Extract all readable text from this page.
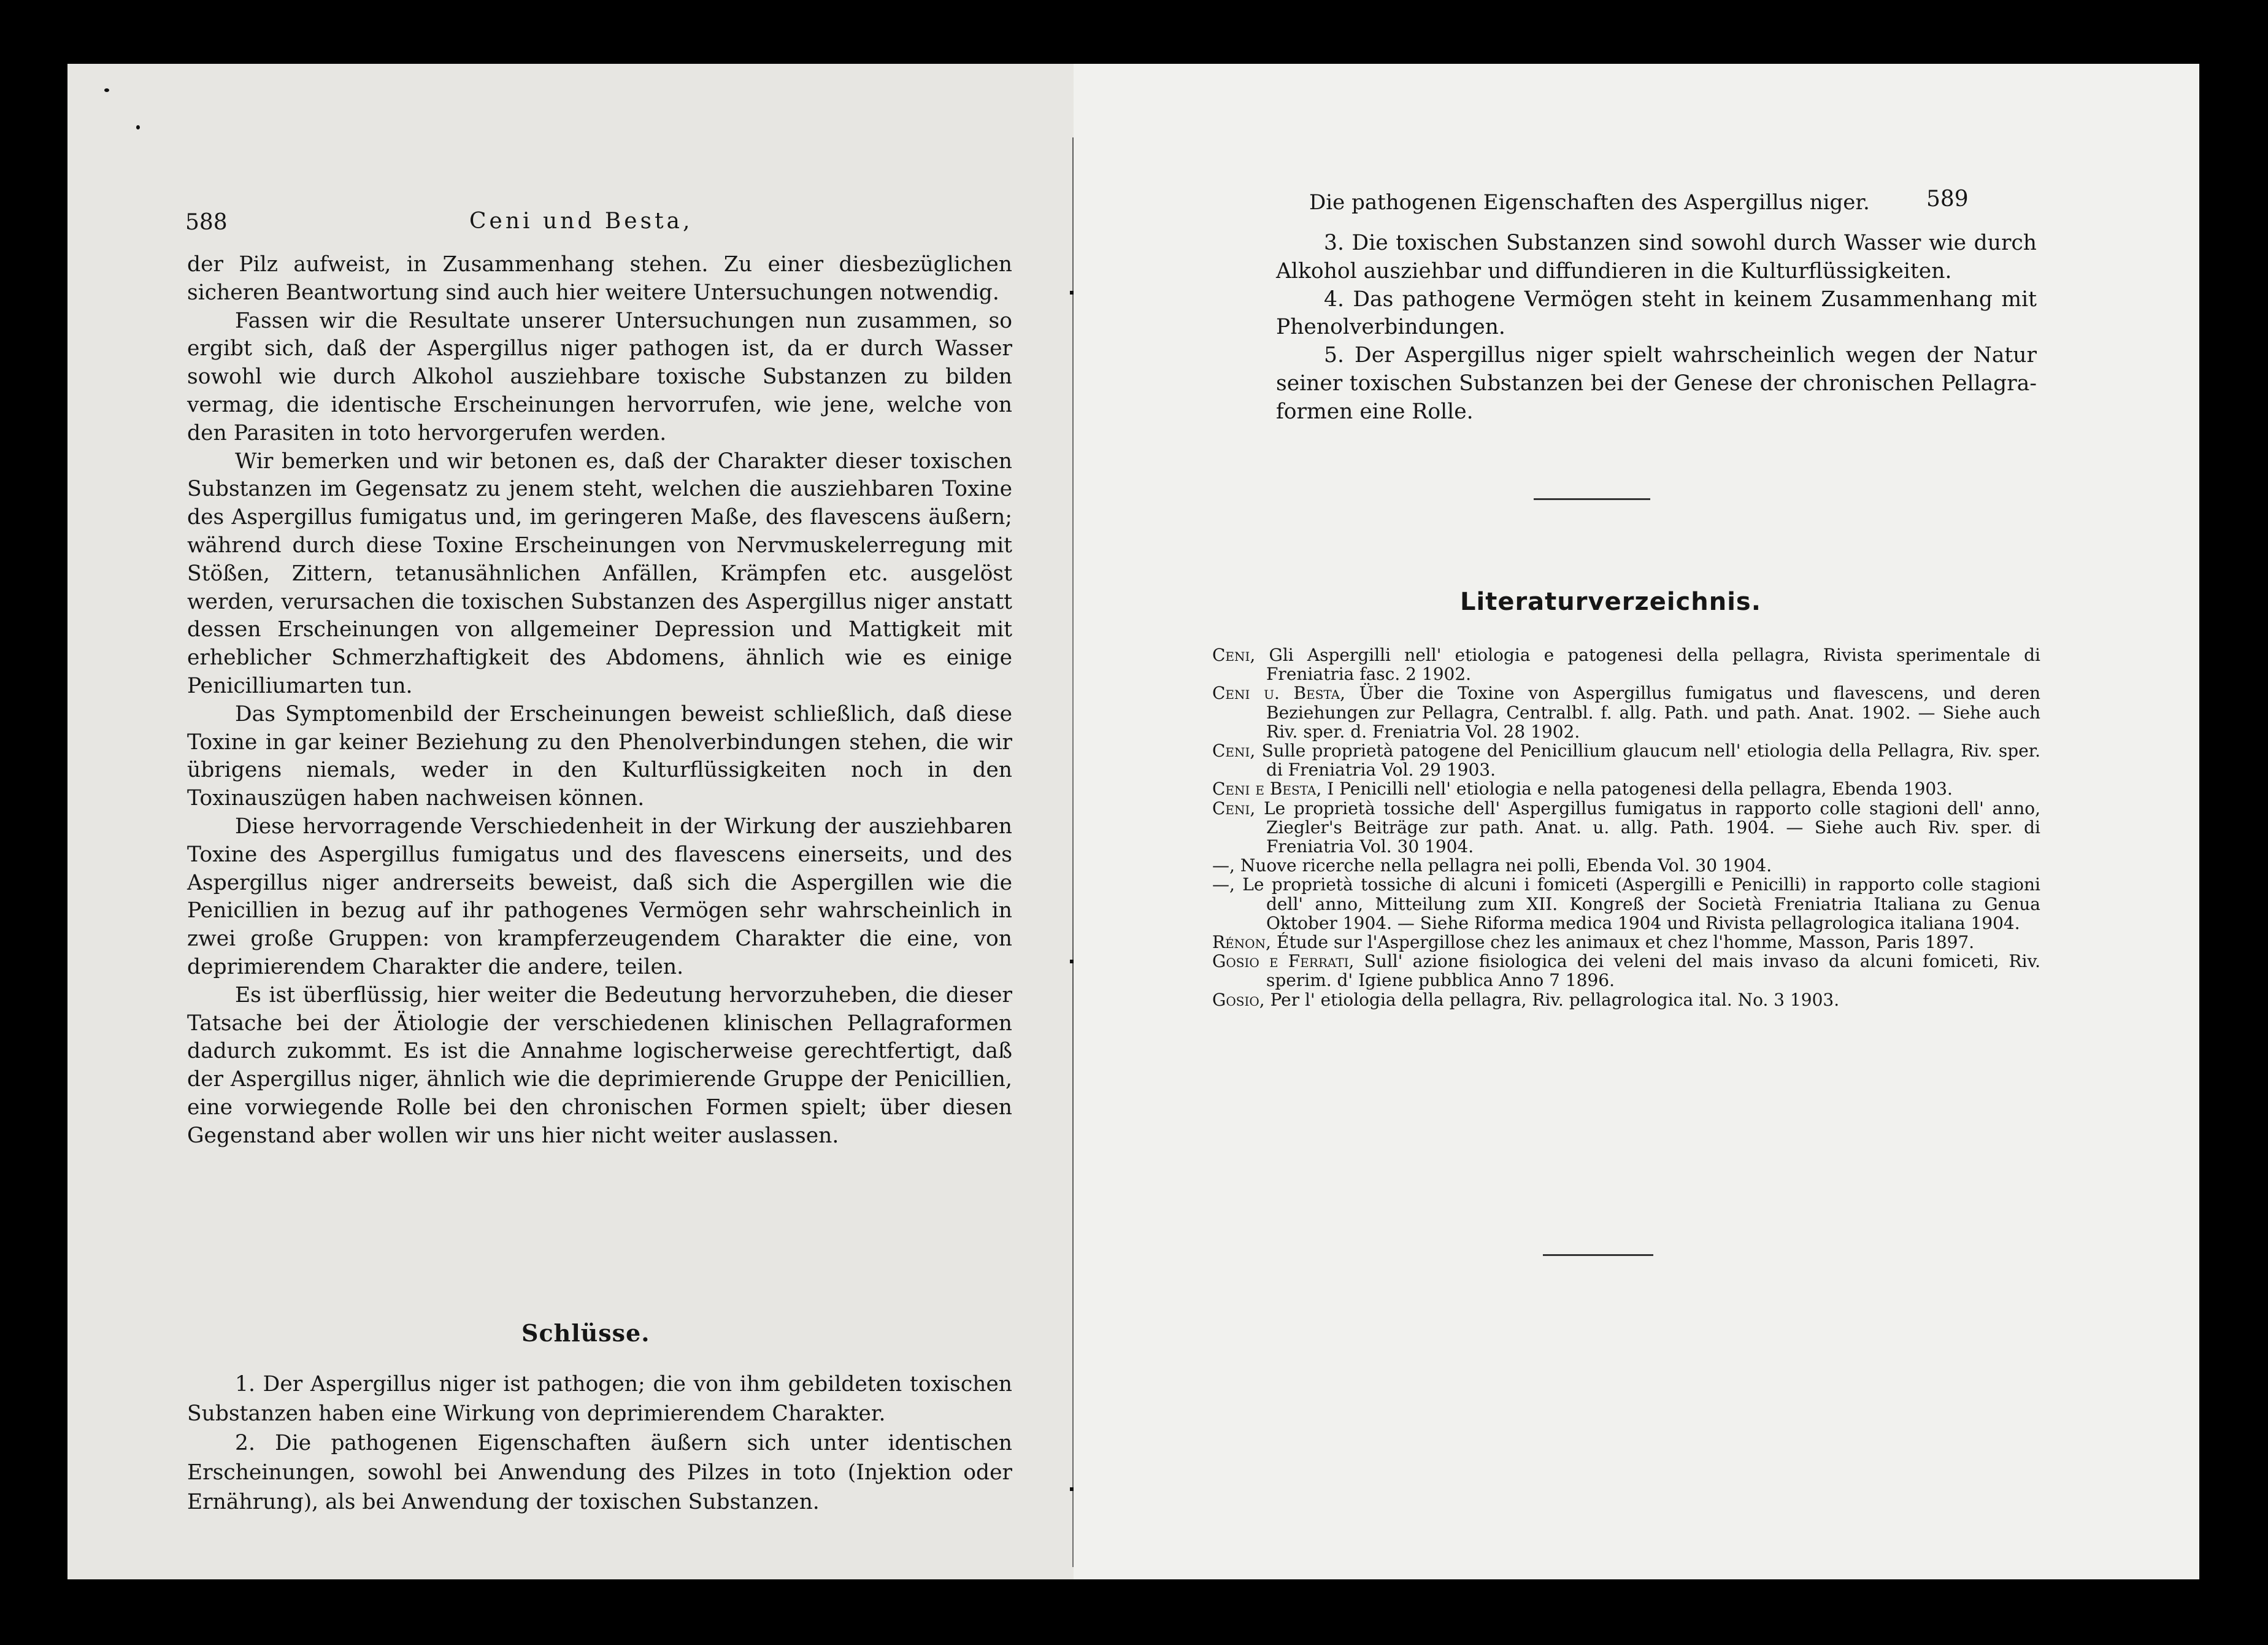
588	Ceni und Besta,

der Pilz aufweist, in Zusammenhang stehen. Zu einer diesbezüglichen sicheren Beantwortung sind auch hier weitere Untersuchungen notwendig.

Fassen wir die Resultate unserer Untersuchungen nun zusammen, so ergibt sich, daß der Aspergillus niger pathogen ist, da er durch Wasser sowohl wie durch Alkohol ausziehbare toxische Substanzen zu bilden vermag, die identische Erscheinungen hervorrufen, wie jene, welche von den Parasiten in toto hervorgerufen werden.

Wir bemerken und wir betonen es, daß der Charakter dieser toxischen Substanzen im Gegensatz zu jenem steht, welchen die ausziehbaren Toxine des Aspergillus fumigatus und, im geringeren Maße, des flavescens äußern; während durch diese Toxine Erscheinungen von Nervmuskelerregung mit Stößen, Zittern, tetanusähnlichen Anfällen, Krämpfen etc. ausgelöst werden, verursachen die toxischen Substanzen des Aspergillus niger anstatt dessen Erscheinungen von allgemeiner Depression und Mattigkeit mit erheblicher Schmerzhaftigkeit des Abdomens, ähnlich wie es einige Penicilliumarten tun.

Das Symptomenbild der Erscheinungen beweist schließlich, daß diese Toxine in gar keiner Beziehung zu den Phenolverbindungen stehen, die wir übrigens niemals, weder in den Kulturflüssigkeiten noch in den Toxinauszügen haben nachweisen können.

Diese hervorragende Verschiedenheit in der Wirkung der ausziehbaren Toxine des Aspergillus fumigatus und des flavescens einerseits, und des Aspergillus niger andrerseits beweist, daß sich die Aspergillen wie die Penicillien in bezug auf ihr pathogenes Vermögen sehr wahrscheinlich in zwei große Gruppen: von krampferzeugendem Charakter die eine, von deprimierendem Charakter die andere, teilen.

Es ist überflüssig, hier weiter die Bedeutung hervorzuheben, die dieser Tatsache bei der Ätiologie der verschiedenen klinischen Pellagraformen dadurch zukommt. Es ist die Annahme logischerweise gerechtfertigt, daß der Aspergillus niger, ähnlich wie die deprimierende Gruppe der Penicillien, eine vorwiegende Rolle bei den chronischen Formen spielt; über diesen Gegenstand aber wollen wir uns hier nicht weiter auslassen.

Schlüsse.

1. Der Aspergillus niger ist pathogen; die von ihm gebildeten toxischen Substanzen haben eine Wirkung von deprimierendem Charakter.

2. Die pathogenen Eigenschaften äußern sich unter identischen Erscheinungen, sowohl bei Anwendung des Pilzes in toto (Injektion oder Ernährung), als bei Anwendung der toxischen Substanzen.

Die pathogenen Eigenschaften des Aspergillus niger.	589

3. Die toxischen Substanzen sind sowohl durch Wasser wie durch Alkohol ausziehbar und diffundieren in die Kulturflüssigkeiten.

4. Das pathogene Vermögen steht in keinem Zusammenhang mit Phenolverbindungen.

5. Der Aspergillus niger spielt wahrscheinlich wegen der Natur seiner toxischen Substanzen bei der Genese der chronischen Pellagraformen eine Rolle.

Literaturverzeichnis.

Ceni, Gli Aspergilli nell' etiologia e patogenesi della pellagra, Rivista sperimentale di Freniatria fasc. 2 1902.

Ceni u. Besta, Über die Toxine von Aspergillus fumigatus und flavescens, und deren Beziehungen zur Pellagra, Centralbl. f. allg. Path. und path. Anat. 1902. — Siehe auch Riv. sper. d. Freniatria Vol. 28 1902.

Ceni, Sulle proprietà patogene del Penicillium glaucum nell' etiologia della Pellagra, Riv. sper. di Freniatria Vol. 29 1903.

Ceni e Besta, I Penicilli nell' etiologia e nella patogenesi della pellagra, Ebenda 1903.

Ceni, Le proprietà tossiche dell' Aspergillus fumigatus in rapporto colle stagioni dell' anno, Ziegler's Beiträge zur path. Anat. u. allg. Path. 1904. — Siehe auch Riv. sper. di Freniatria Vol. 30 1904.

—, Nuove ricerche nella pellagra nei polli, Ebenda Vol. 30 1904.

—, Le proprietà tossiche di alcuni i fomiceti (Aspergilli e Penicilli) in rapporto colle stagioni dell' anno, Mitteilung zum XII. Kongreß der Società Freniatria Italiana zu Genua Oktober 1904. — Siehe Riforma medica 1904 und Rivista pellagrologica italiana 1904.

Rénon, Étude sur l'Aspergillose chez les animaux et chez l'homme, Masson, Paris 1897.

Gosio e Ferrati, Sull' azione fisiologica dei veleni del mais invaso da alcuni fomiceti, Riv. sperim. d' Igiene pubblica Anno 7 1896.

Gosio, Per l' etiologia della pellagra, Riv. pellagrologica ital. No. 3 1903.
